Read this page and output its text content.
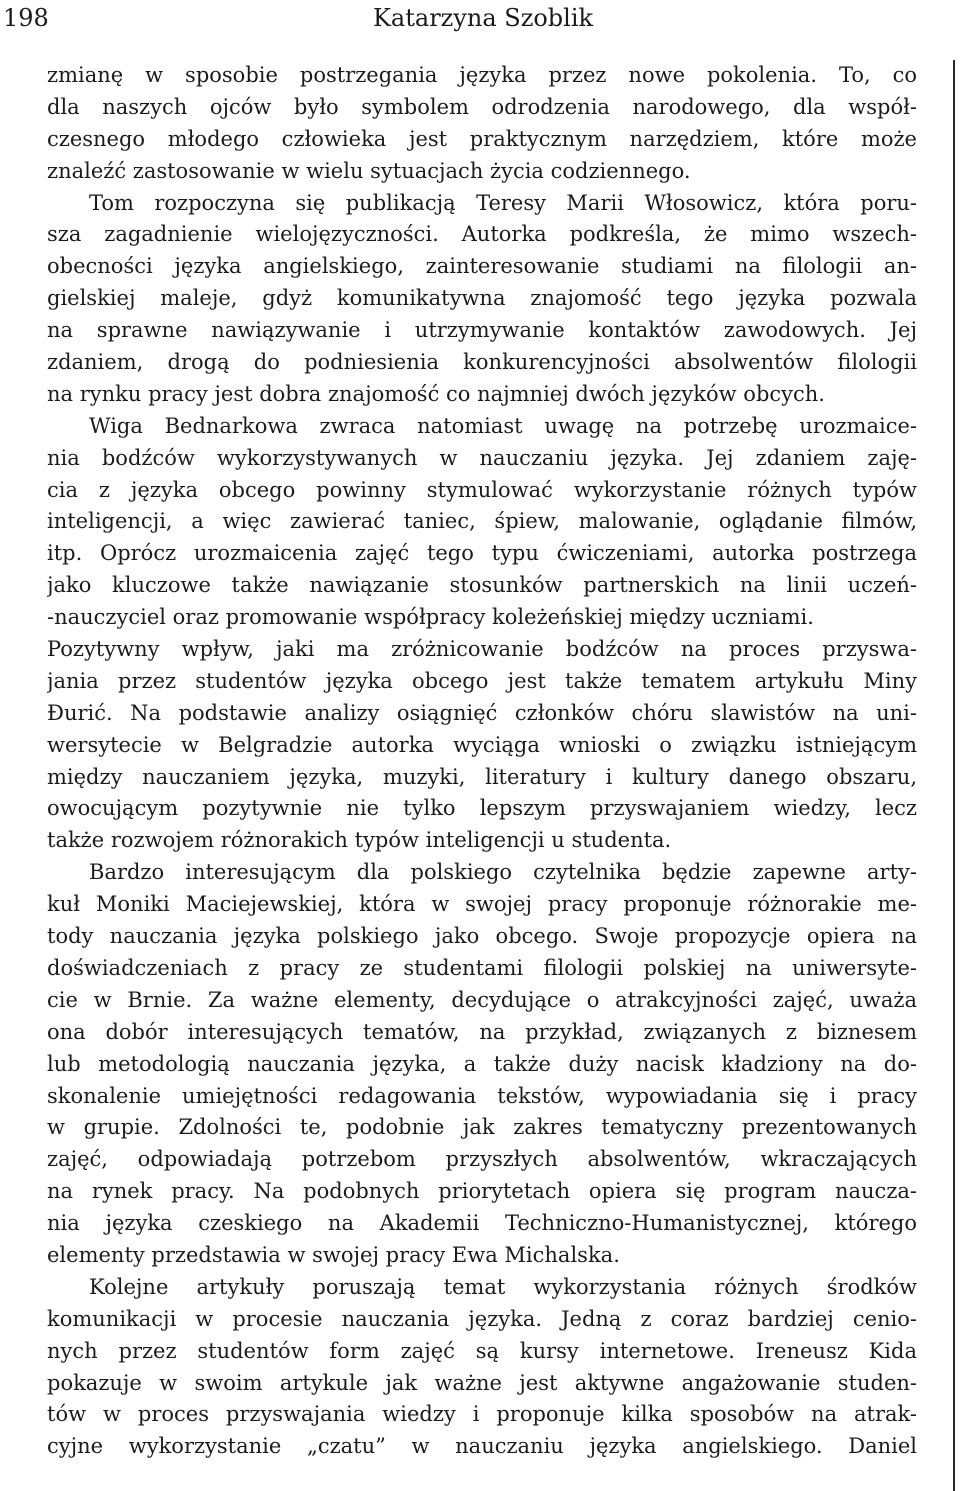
198	Katarzyna Szoblik
zmianę w sposobie postrzegania języka przez nowe pokolenia. To, co
dla naszych ojców było symbolem odrodzenia narodowego, dla współ-
czesnego młodego człowieka jest praktycznym narzędziem, które może
znaleźć zastosowanie w wielu sytuacjach życia codziennego.
Tom rozpoczyna się publikacją Teresy Marii Włosowicz, która poru-
sza zagadnienie wielojęzyczności. Autorka podkreśla, że mimo wszech-
obecności języka angielskiego, zainteresowanie studiami na filologii an-
gielskiej maleje, gdyż komunikatywna znajomość tego języka pozwala
na sprawne nawiązywanie i utrzymywanie kontaktów zawodowych. Jej
zdaniem, drogą do podniesienia konkurencyjności absolwentów filologii
na rynku pracy jest dobra znajomość co najmniej dwóch języków obcych.
Wiga Bednarkowa zwraca natomiast uwagę na potrzebę urozmaice-
nia bodźców wykorzystywanych w nauczaniu języka. Jej zdaniem zaję-
cia z języka obcego powinny stymulować wykorzystanie różnych typów
inteligencji, a więc zawierać taniec, śpiew, malowanie, oglądanie filmów,
itp. Oprócz urozmaicenia zajęć tego typu ćwiczeniami, autorka postrzega
jako kluczowe także nawiązanie stosunków partnerskich na linii uczeń-
-nauczyciel oraz promowanie współpracy koleżeńskiej między uczniami.
Pozytywny wpływ, jaki ma zróżnicowanie bodźców na proces przyswa-
jania przez studentów języka obcego jest także tematem artykułu Miny
Đurić. Na podstawie analizy osiągnięć członków chóru slawistów na uni-
wersytecie w Belgradzie autorka wyciąga wnioski o związku istniejącym
między nauczaniem języka, muzyki, literatury i kultury danego obszaru,
owocującym pozytywnie nie tylko lepszym przyswajaniem wiedzy, lecz
także rozwojem różnorakich typów inteligencji u studenta.
Bardzo interesującym dla polskiego czytelnika będzie zapewne arty-
kuł Moniki Maciejewskiej, która w swojej pracy proponuje różnorakie me-
tody nauczania języka polskiego jako obcego. Swoje propozycje opiera na
doświadczeniach z pracy ze studentami filologii polskiej na uniwersyte-
cie w Brnie. Za ważne elementy, decydujące o atrakcyjności zajęć, uważa
ona dobór interesujących tematów, na przykład, związanych z biznesem
lub metodologią nauczania języka, a także duży nacisk kładziony na do-
skonalenie umiejętności redagowania tekstów, wypowiadania się i pracy
w grupie. Zdolności te, podobnie jak zakres tematyczny prezentowanych
zajęć, odpowiadają potrzebom przyszłych absolwentów, wkraczających
na rynek pracy. Na podobnych priorytetach opiera się program naucza-
nia języka czeskiego na Akademii Techniczno-Humanistycznej, którego
elementy przedstawia w swojej pracy Ewa Michalska.
Kolejne artykuły poruszają temat wykorzystania różnych środków
komunikacji w procesie nauczania języka. Jedną z coraz bardziej cenio-
nych przez studentów form zajęć są kursy internetowe. Ireneusz Kida
pokazuje w swoim artykule jak ważne jest aktywne angażowanie studen-
tów w proces przyswajania wiedzy i proponuje kilka sposobów na atrak-
cyjne wykorzystanie „czatu” w nauczaniu języka angielskiego. Daniel
